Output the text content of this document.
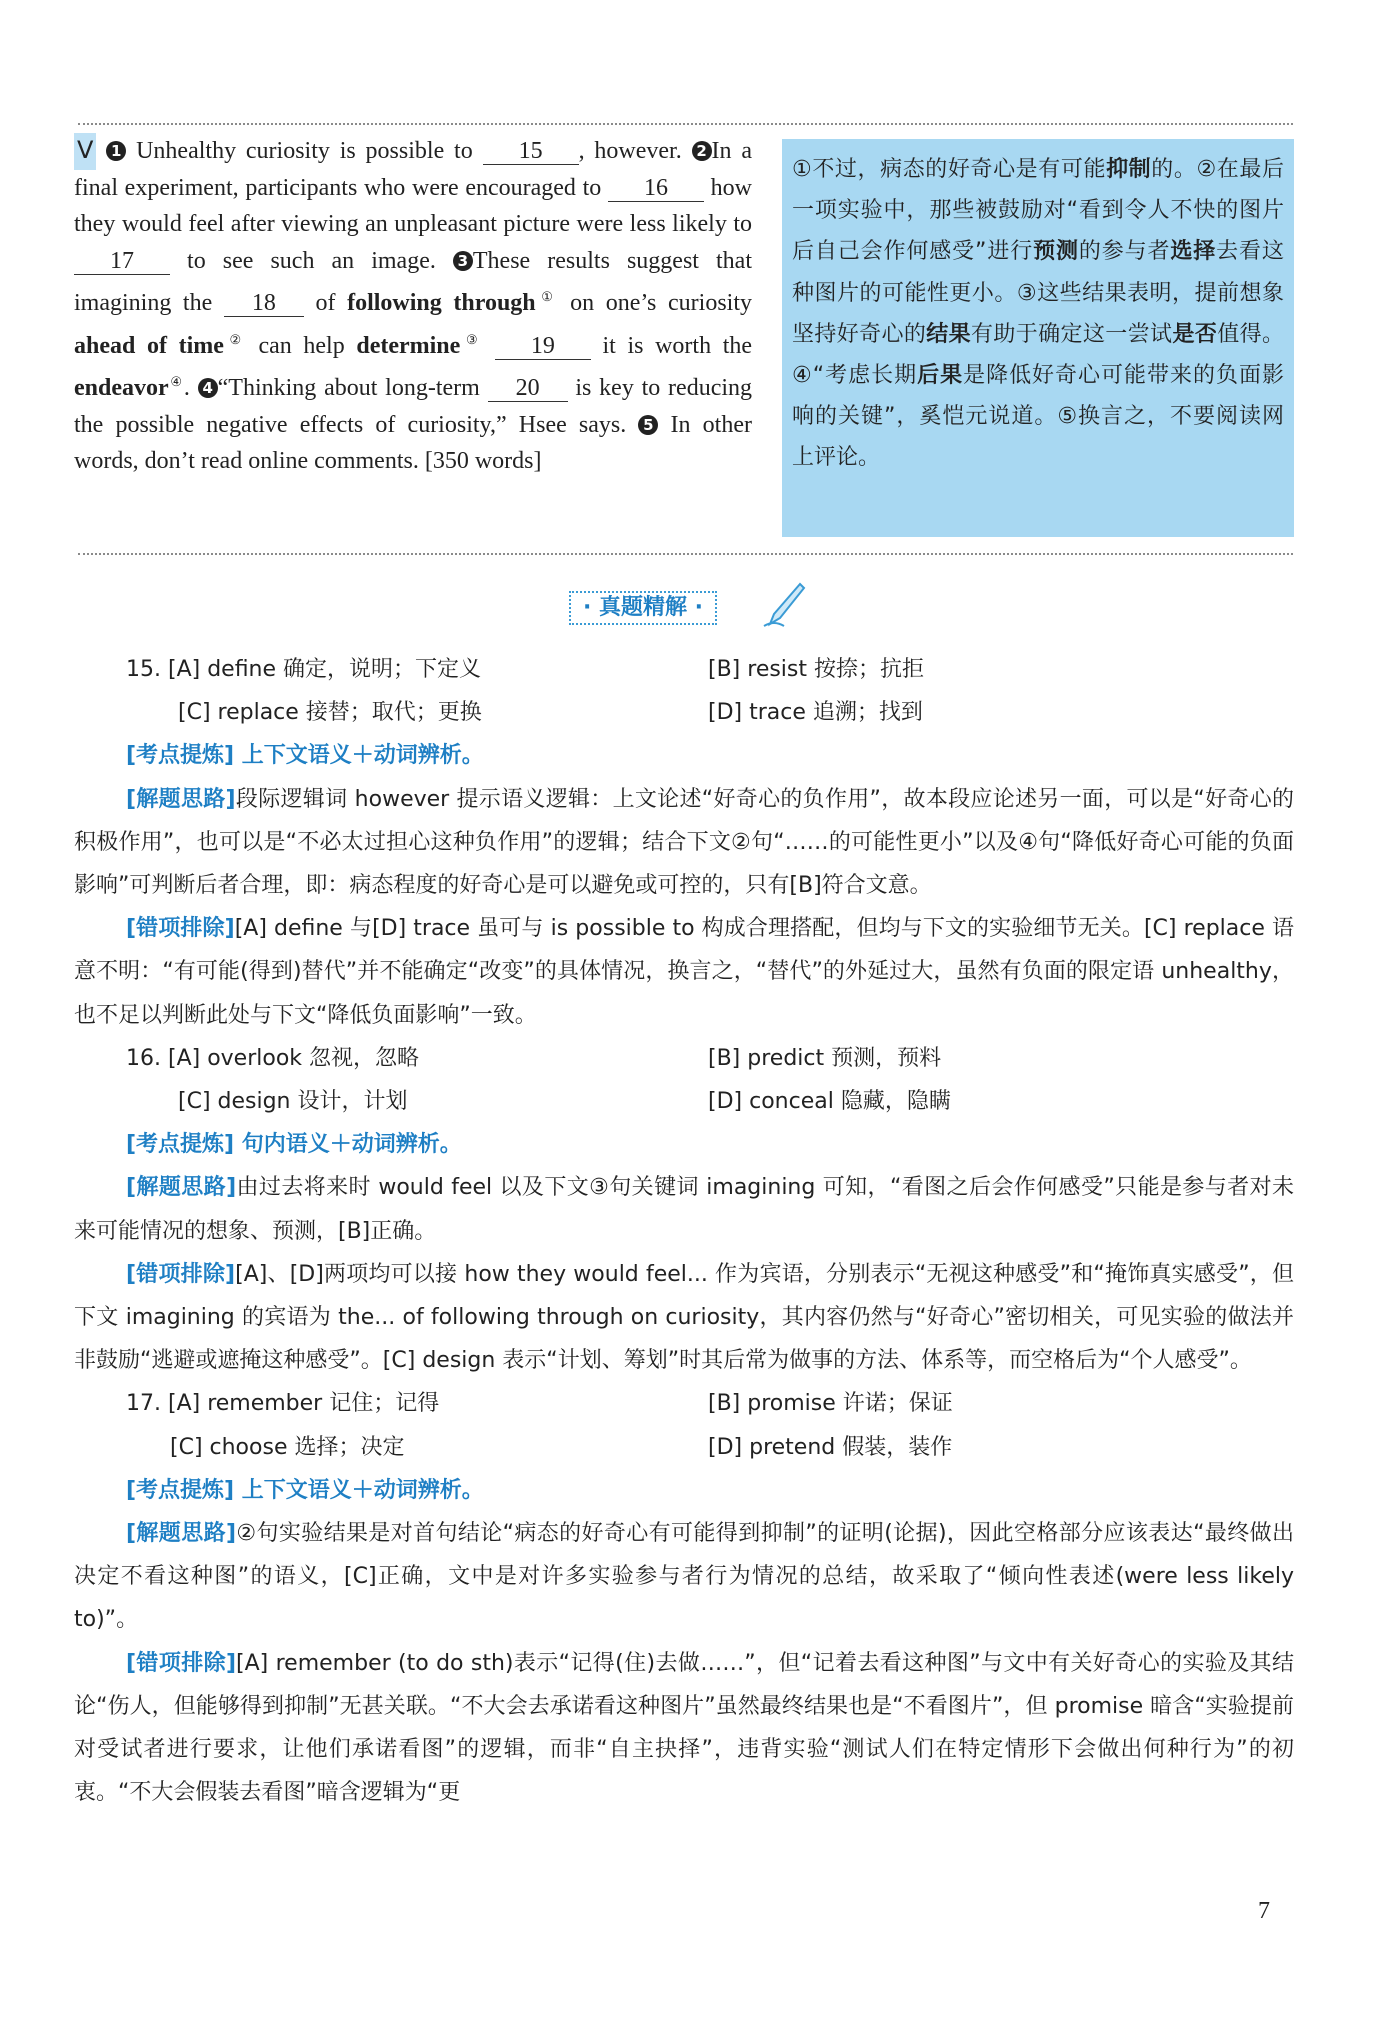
Ⅴ 1 Unhealthy curiosity is possible to 15 , however. 2 In a final experiment, participants who were encouraged to 16 how they would feel after viewing an unpleasant picture were less likely to 17 to see such an image. 3 These results suggest that imagining the 18 of following through① on one’s curiosity ahead of time② can help determine③ 19 it is worth the endeavor④. 4 “Thinking about long-term 20 is key to reducing the possible negative effects of curiosity,” Hsee says. 5 In other words, don’t read online comments. [350 words]
①不过，病态的好奇心是有可能抑制的。②在最后一项实验中，那些被鼓励对“看到令人不快的图片后自己会作何感受”进行预测的参与者选择去看这种图片的可能性更小。③这些结果表明，提前想象坚持好奇心的结果有助于确定这一尝试是否值得。④“考虑长期后果是降低好奇心可能带来的负面影响的关键”，奚恺元说道。⑤换言之，不要阅读网上评论。
· 真题精解 ·
15. [A] define 确定，说明；下定义	[B] resist 按捺；抗拒
[C] replace 接替；取代；更换	[D] trace 追溯；找到
[考点提炼] 上下文语义＋动词辨析。
[解题思路]段际逻辑词 however 提示语义逻辑：上文论述“好奇心的负作用”，故本段应论述另一面，可以是“好奇心的积极作用”，也可以是“不必太过担心这种负作用”的逻辑；结合下文②句“……的可能性更小”以及④句“降低好奇心可能的负面影响”可判断后者合理，即：病态程度的好奇心是可以避免或可控的，只有[B]符合文意。
[错项排除][A] define 与[D] trace 虽可与 is possible to 构成合理搭配，但均与下文的实验细节无关。[C] replace 语意不明：“有可能(得到)替代”并不能确定“改变”的具体情况，换言之，“替代”的外延过大，虽然有负面的限定语 unhealthy，也不足以判断此处与下文“降低负面影响”一致。
16. [A] overlook 忽视，忽略	[B] predict 预测，预料
[C] design 设计，计划	[D] conceal 隐藏，隐瞒
[考点提炼] 句内语义＋动词辨析。
[解题思路]由过去将来时 would feel 以及下文③句关键词 imagining 可知，“看图之后会作何感受”只能是参与者对未来可能情况的想象、预测，[B]正确。
[错项排除][A]、[D]两项均可以接 how they would feel... 作为宾语，分别表示“无视这种感受”和“掩饰真实感受”，但下文 imagining 的宾语为 the... of following through on curiosity，其内容仍然与“好奇心”密切相关，可见实验的做法并非鼓励“逃避或遮掩这种感受”。[C] design 表示“计划、筹划”时其后常为做事的方法、体系等，而空格后为“个人感受”。
17. [A] remember 记住；记得	[B] promise 许诺；保证
[C] choose 选择；决定	[D] pretend 假装，装作
[考点提炼] 上下文语义＋动词辨析。
[解题思路]②句实验结果是对首句结论“病态的好奇心有可能得到抑制”的证明(论据)，因此空格部分应该表达“最终做出决定不看这种图”的语义，[C]正确，文中是对许多实验参与者行为情况的总结，故采取了“倾向性表述(were less likely to)”。
[错项排除][A] remember (to do sth)表示“记得(住)去做……”，但“记着去看这种图”与文中有关好奇心的实验及其结论“伤人，但能够得到抑制”无甚关联。“不大会去承诺看这种图片”虽然最终结果也是“不看图片”，但 promise 暗含“实验提前对受试者进行要求，让他们承诺看图”的逻辑，而非“自主抉择”，违背实验“测试人们在特定情形下会做出何种行为”的初衷。“不大会假装去看图”暗含逻辑为“更
7
